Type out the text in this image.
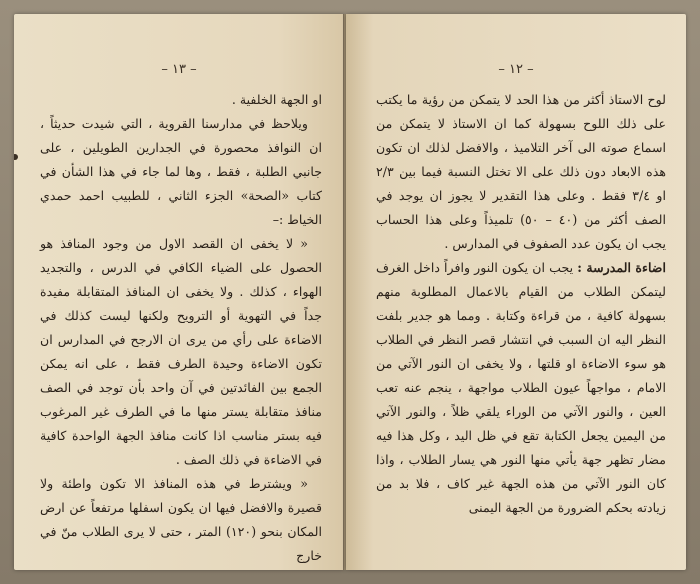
– ١٣ –

او الجهة الخلفية .

ويلاحظ في مدارسنا القروية ، التي شيدت حديثاً ، ان النوافذ محصورة في الجدارين الطويلين ، على جانبي الطلبة ، فقط ، وها لما جاء في هذا الشأن في كتاب «الصحة» الجزء الثاني ، للطبيب احمد حمدي الخياط :–

« لا يخفى ان القصد الاول من وجود المنافذ هو الحصول على الضياء الكافي في الدرس ، والتجديد الهواء ، كذلك . ولا يخفى ان المنافذ المتقابلة مفيدة جداً في التهوية أو الترويح ولكنها ليست كذلك في الاضاءة على رأي من يرى ان الارجح في المدارس ان تكون الاضاءة وحيدة الطرف فقط ، على انه يمكن الجمع بين الفائدتين في آن واحد بأن توجد في الصف منافذ متقابلة يستر منها ما في الطرف غير المرغوب فيه بستر مناسب اذا كانت منافذ الجهة الواحدة كافية في الاضاءة في ذلك الصف .

« ويشترط في هذه المنافذ الا تكون واطئة ولا قصيرة والافضل فيها ان يكون اسفلها مرتفعاً عن ارض المكان بنحو (١٢٠) المتر ، حتى لا يرى الطلاب منّ في خارج

– ١٢ –

لوح الاستاذ أكثر من هذا الحد لا يتمكن من رؤية ما يكتب على ذلك اللوح بسهولة كما ان الاستاذ لا يتمكن من اسماع صوته الى آخر التلاميذ ، والافضل لذلك ان تكون هذه الابعاد دون ذلك على الا تختل النسبة فيما بين ٢/٣ او ٣/٤ فقط . وعلى هذا التقدير لا يجوز ان يوجد في الصف أكثر من (٤٠ – ٥٠) تلميذاً وعلى هذا الحساب يجب ان يكون عدد الصفوف في المدارس .

اضاءة المدرسة : يجب ان يكون النور وافراً داخل الغرف ليتمكن الطلاب من القيام بالاعمال المطلوبة منهم بسهولة كافية ، من قراءة وكتابة . ومما هو جدير بلفت النظر اليه ان السبب في انتشار قصر النظر في الطلاب هو سوء الاضاءة او قلتها ، ولا يخفى ان النور الآتي من الامام ، مواجهاً عيون الطلاب مواجهة ، ينجم عنه تعب العين ، والنور الآتي من الوراء يلقي ظلاً ، والنور الآتي من اليمين يجعل الكتابة تقع في ظل اليد ، وكل هذا فيه مضار تظهر جهة يأتي منها النور هي يسار الطلاب ، واذا كان النور الآتي من هذه الجهة غير كاف ، فلا بد من زيادته بحكم الضرورة من الجهة اليمنى
